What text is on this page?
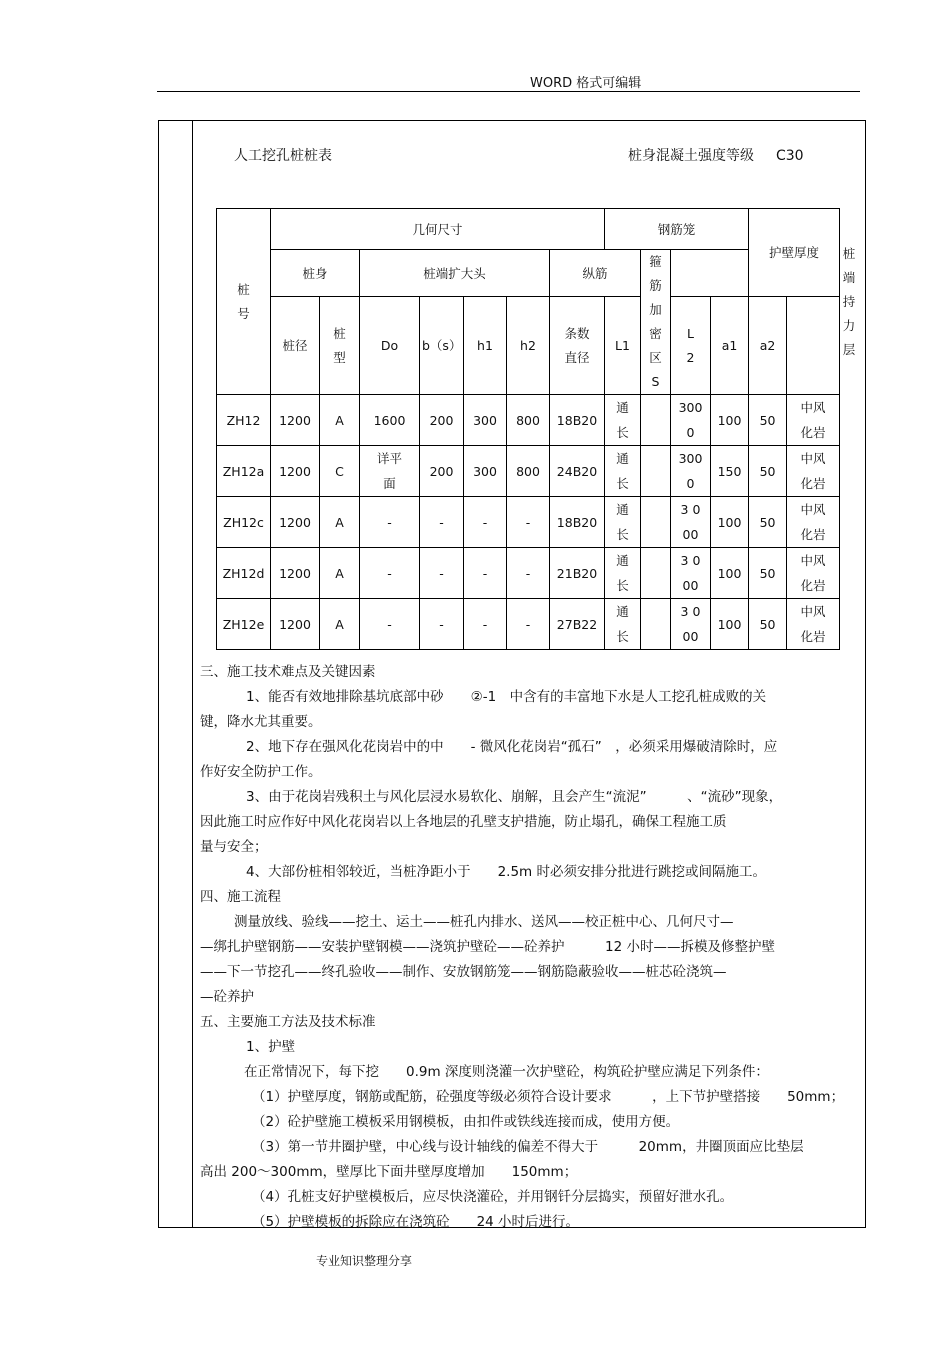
WORD 格式可编辑
人工挖孔桩桩表	桩身混凝土强度等级 C30
桩号	几何尺寸							钢筋笼				护壁厚度		桩端持力层

	桩身		桩端扩大头				纵筋		箍筋加密区S					

	桩径	桩型	Do	b（s）	h1	h2	条数直径	L1		L2	a1	a2		
ZH12	1200	A	1600	200	300	800	18B20	通长		3000	100	50	中风化岩	

ZH12a	1200	C	详平面	200	300	800	24B20	通长		3000	150	50	中风化岩	

ZH12c	1200	A	-	-	-	-	18B20	通长		3 0 00	100	50	中风化岩	

ZH12d	1200	A	-	-	-	-	21B20	通长		3 0 00	100	50	中风化岩	

ZH12e	1200	A	-	-	-	-	27B22	通长		3 0 00	100	50	中风化岩	

三、施工技术难点及关键因素

1、能否有效地排除基坑底部中砂　　②-1　中含有的丰富地下水是人工挖孔桩成败的关

键，降水尤其重要。

2、地下存在强风化花岗岩中的中　　- 微风化花岗岩“孤石”　，必须采用爆破清除时，应

作好安全防护工作。

3、由于花岗岩残积土与风化层浸水易软化、崩解，且会产生“流泥”　　　、“流砂”现象，

因此施工时应作好中风化花岗岩以上各地层的孔壁支护措施，防止塌孔，确保工程施工质

量与安全；

4、大部份桩相邻较近，当桩净距小于　　2.5m 时必须安排分批进行跳挖或间隔施工。

四、施工流程

测量放线、验线——挖土、运土——桩孔内排水、送风——校正桩中心、几何尺寸—

—绑扎护壁钢筋——安装护壁钢模——浇筑护壁砼——砼养护　　　12 小时——拆模及修整护壁

——下一节挖孔——终孔验收——制作、安放钢筋笼——钢筋隐蔽验收——桩芯砼浇筑—

—砼养护

五、主要施工方法及技术标准

1、护壁

在正常情况下，每下挖　　0.9m 深度则浇灌一次护壁砼，构筑砼护壁应满足下列条件：

（1）护壁厚度，钢筋或配筋，砼强度等级必须符合设计要求　　　，上下节护壁搭接　　50mm；

（2）砼护壁施工模板采用钢模板，由扣件或铁线连接而成，使用方便。

（3）第一节井圈护壁，中心线与设计轴线的偏差不得大于　　　20mm，井圈顶面应比垫层

高出 200～300mm，壁厚比下面井壁厚度增加　　150mm；

（4）孔桩支好护壁模板后，应尽快浇灌砼，并用钢钎分层捣实，预留好泄水孔。

（5）护壁模板的拆除应在浇筑砼　　24 小时后进行。

专业知识整理分享
